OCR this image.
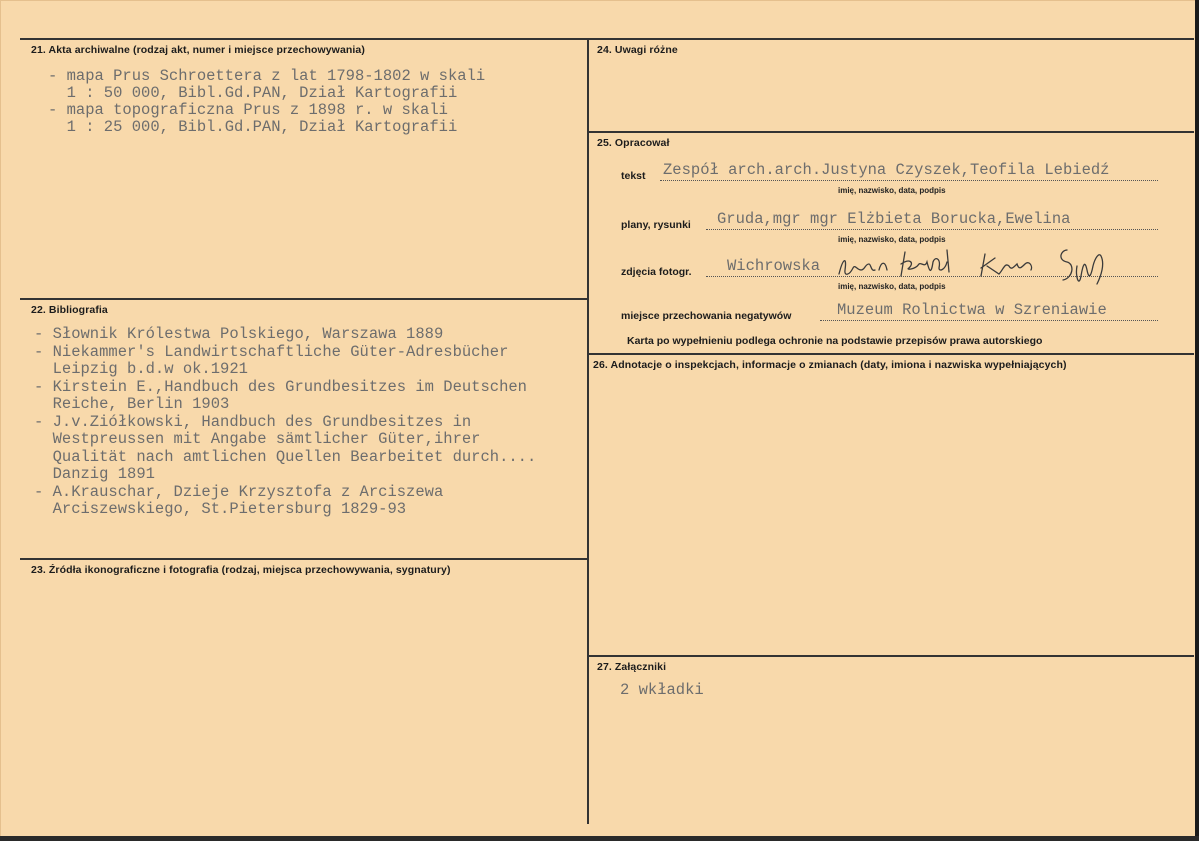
21. Akta archiwalne (rodzaj akt, numer i miejsce przechowywania)
- mapa Prus Schroettera z lat 1798-1802 w skali
1 : 50 000, Bibl.Gd.PAN, Dział Kartografii
- mapa topograficzna Prus z 1898 r. w skali
1 : 25 000, Bibl.Gd.PAN, Dział Kartografii
22. Bibliografia
- Słownik Królestwa Polskiego, Warszawa 1889
- Niekammer's Landwirtschaftliche Güter-Adresbücher
Leipzig b.d.w ok.1921
- Kirstein E.,Handbuch des Grundbesitzes im Deutschen
Reiche, Berlin 1903
- J.v.Ziółkowski, Handbuch des Grundbesitzes in
Westpreussen mit Angabe sämtlicher Güter,ihrer
Qualität nach amtlichen Quellen Bearbeitet durch....
Danzig 1891
- A.Krauschar, Dzieje Krzysztofa z Arciszewa
Arciszewskiego, St.Pietersburg 1829-93
23. Źródła ikonograficzne i fotografia (rodzaj, miejsca przechowywania, sygnatury)
24. Uwagi różne
25. Opracował
tekst Zespół arch.arch.Justyna Czyszek,Teofila Lebiedź
imię, nazwisko, data, podpis
plany, rysunki Gruda,mgr mgr Elżbieta Borucka,Ewelina
imię, nazwisko, data, podpis
zdjęcia fotogr. Wichrowska
imię, nazwisko, data, podpis
miejsce przechowania negatywów	Muzeum Rolnictwa w Szreniawie
Karta po wypełnieniu podlega ochronie na podstawie przepisów prawa autorskiego
26. Adnotacje o inspekcjach, informacje o zmianach (daty, imiona i nazwiska wypełniających)
27. Załączniki
2 wkładki
